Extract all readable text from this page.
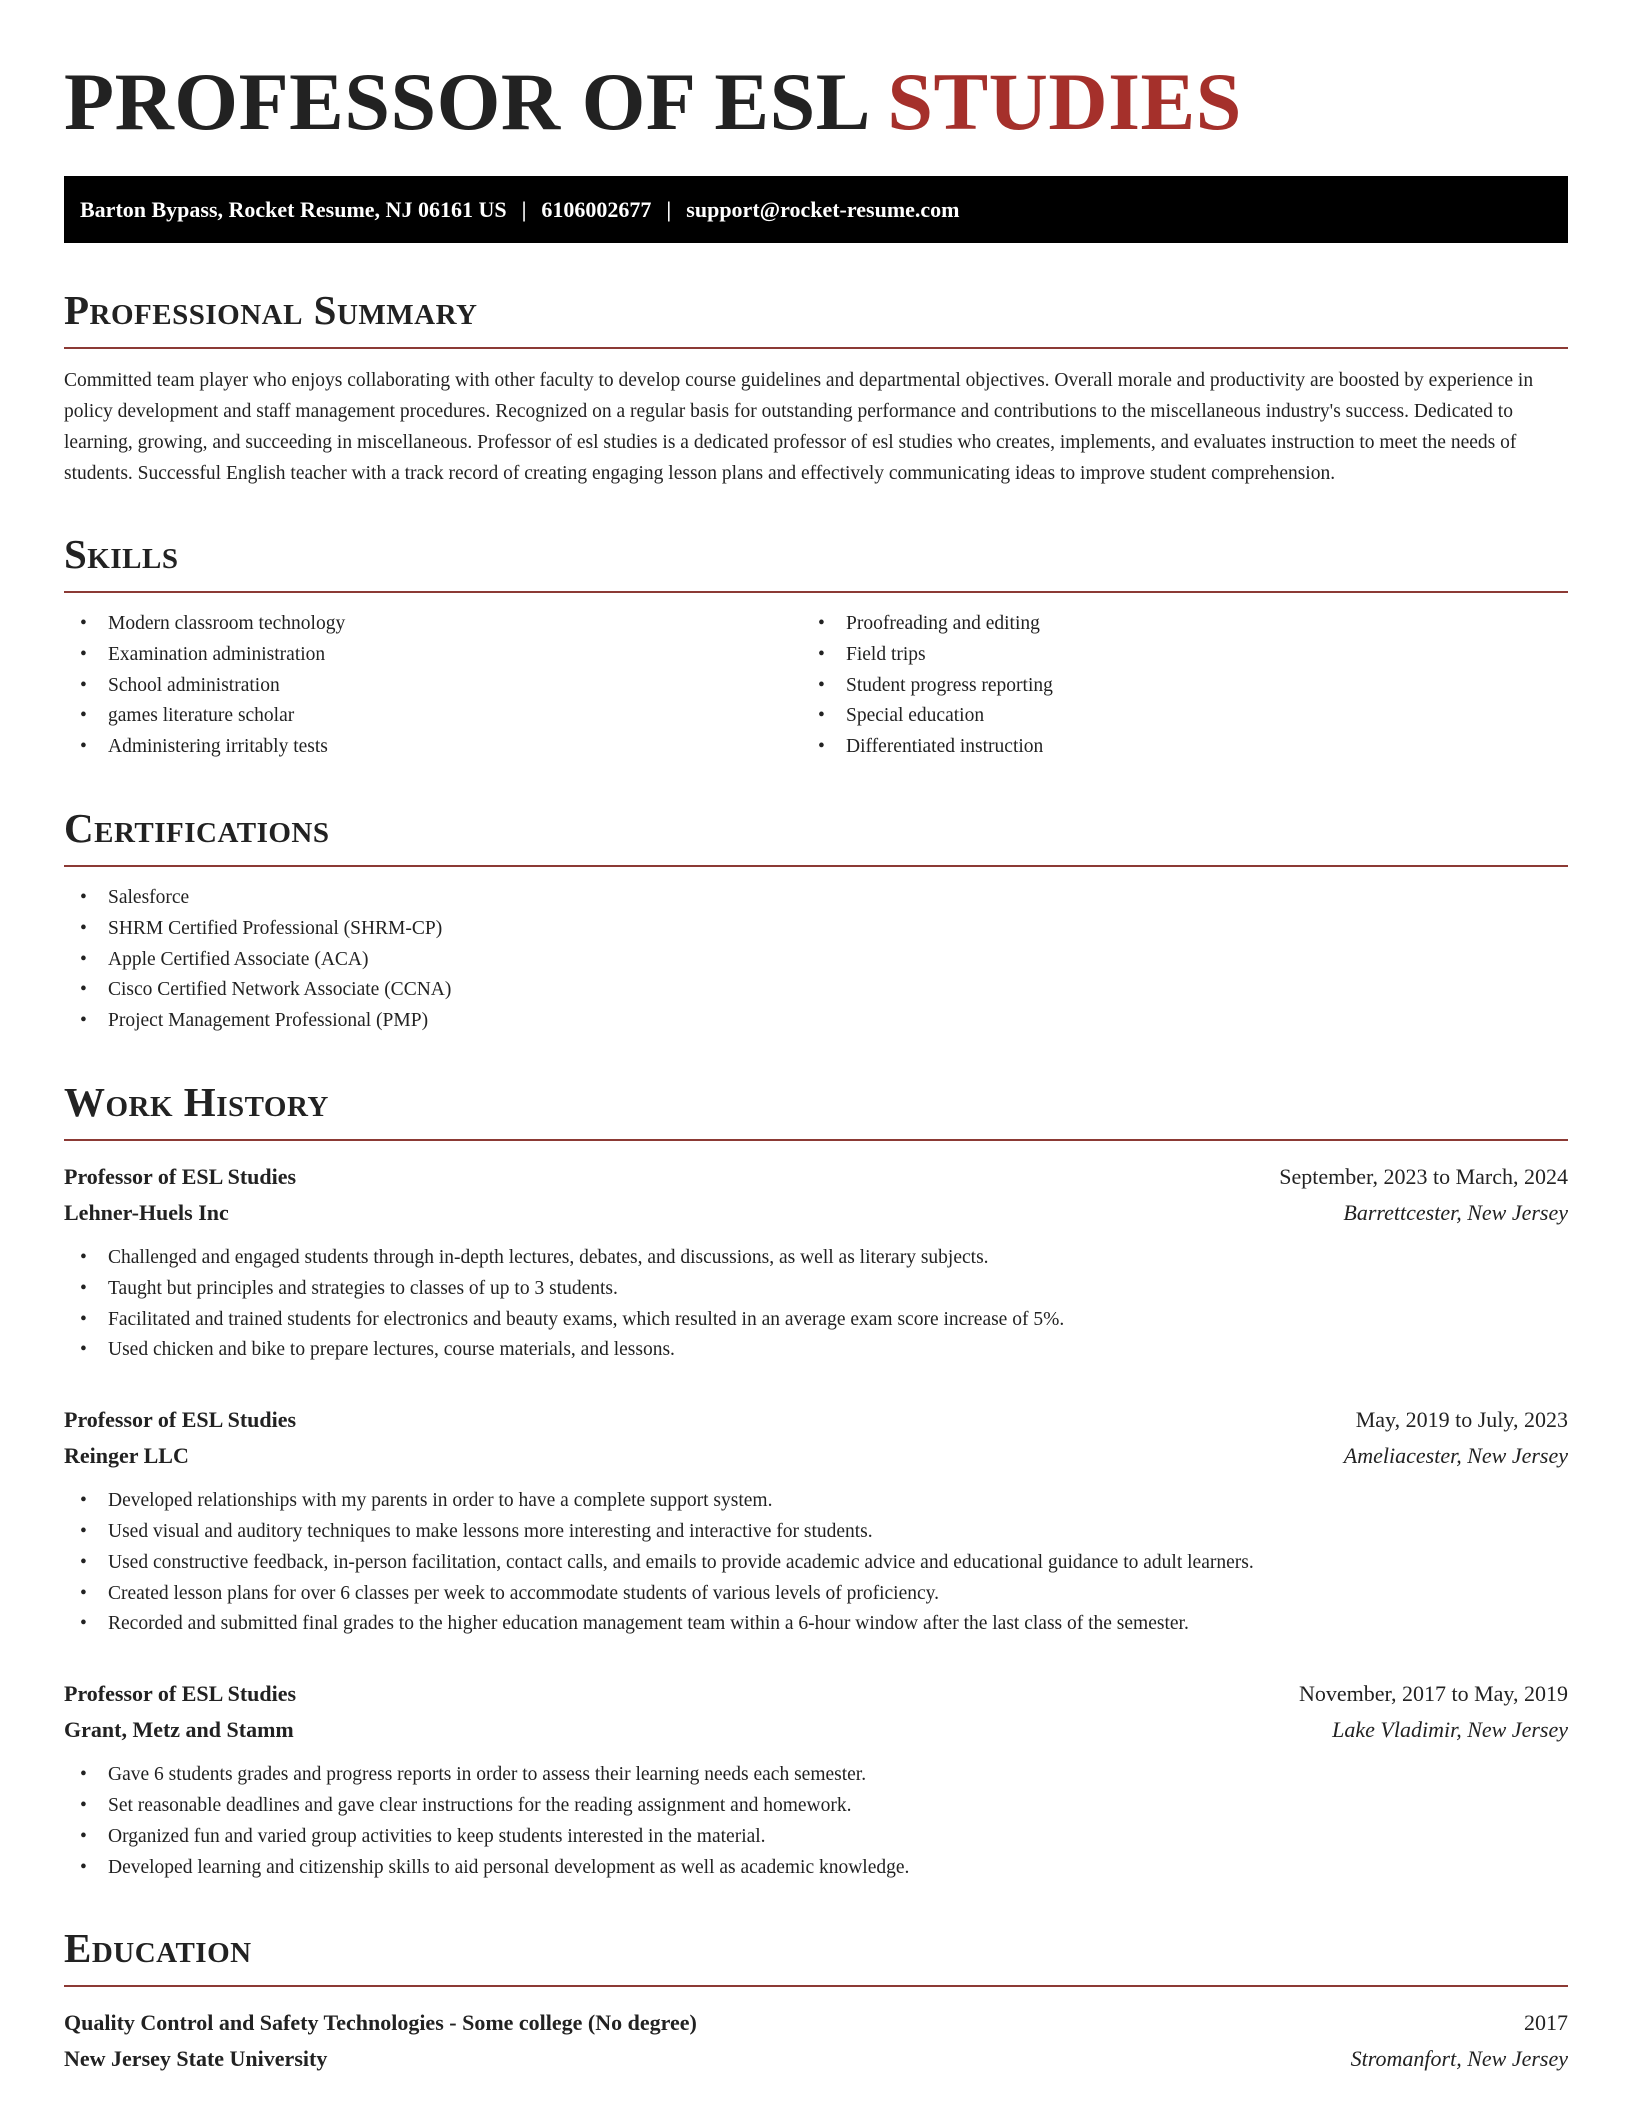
PROFESSOR OF ESL STUDIES
Barton Bypass, Rocket Resume, NJ 06161 US | 6106002677 | support@rocket-resume.com
Professional Summary

Committed team player who enjoys collaborating with other faculty to develop course guidelines and departmental objectives. Overall morale and productivity are boosted by experience in policy development and staff management procedures. Recognized on a regular basis for outstanding performance and contributions to the miscellaneous industry's success. Dedicated to learning, growing, and succeeding in miscellaneous. Professor of esl studies is a dedicated professor of esl studies who creates, implements, and evaluates instruction to meet the needs of students. Successful English teacher with a track record of creating engaging lesson plans and effectively communicating ideas to improve student comprehension.

Skills
• Modern classroom technology
• Examination administration
• School administration
• games literature scholar
• Administering irritably tests
• Proofreading and editing
• Field trips
• Student progress reporting
• Special education
• Differentiated instruction
Certifications
• Salesforce
• SHRM Certified Professional (SHRM-CP)
• Apple Certified Associate (ACA)
• Cisco Certified Network Associate (CCNA)
• Project Management Professional (PMP)
Work History
Professor of ESL Studies	September, 2023 to March, 2024
Lehner-Huels Inc	Barrettcester, New Jersey
• Challenged and engaged students through in-depth lectures, debates, and discussions, as well as literary subjects.
• Taught but principles and strategies to classes of up to 3 students.
• Facilitated and trained students for electronics and beauty exams, which resulted in an average exam score increase of 5%.
• Used chicken and bike to prepare lectures, course materials, and lessons.
Professor of ESL Studies	May, 2019 to July, 2023
Reinger LLC	Ameliacester, New Jersey
• Developed relationships with my parents in order to have a complete support system.
• Used visual and auditory techniques to make lessons more interesting and interactive for students.
• Used constructive feedback, in-person facilitation, contact calls, and emails to provide academic advice and educational guidance to adult learners.
• Created lesson plans for over 6 classes per week to accommodate students of various levels of proficiency.
• Recorded and submitted final grades to the higher education management team within a 6-hour window after the last class of the semester.
Professor of ESL Studies	November, 2017 to May, 2019
Grant, Metz and Stamm	Lake Vladimir, New Jersey
• Gave 6 students grades and progress reports in order to assess their learning needs each semester.
• Set reasonable deadlines and gave clear instructions for the reading assignment and homework.
• Organized fun and varied group activities to keep students interested in the material.
• Developed learning and citizenship skills to aid personal development as well as academic knowledge.
Education
Quality Control and Safety Technologies - Some college (No degree)	2017
New Jersey State University	Stromanfort, New Jersey
